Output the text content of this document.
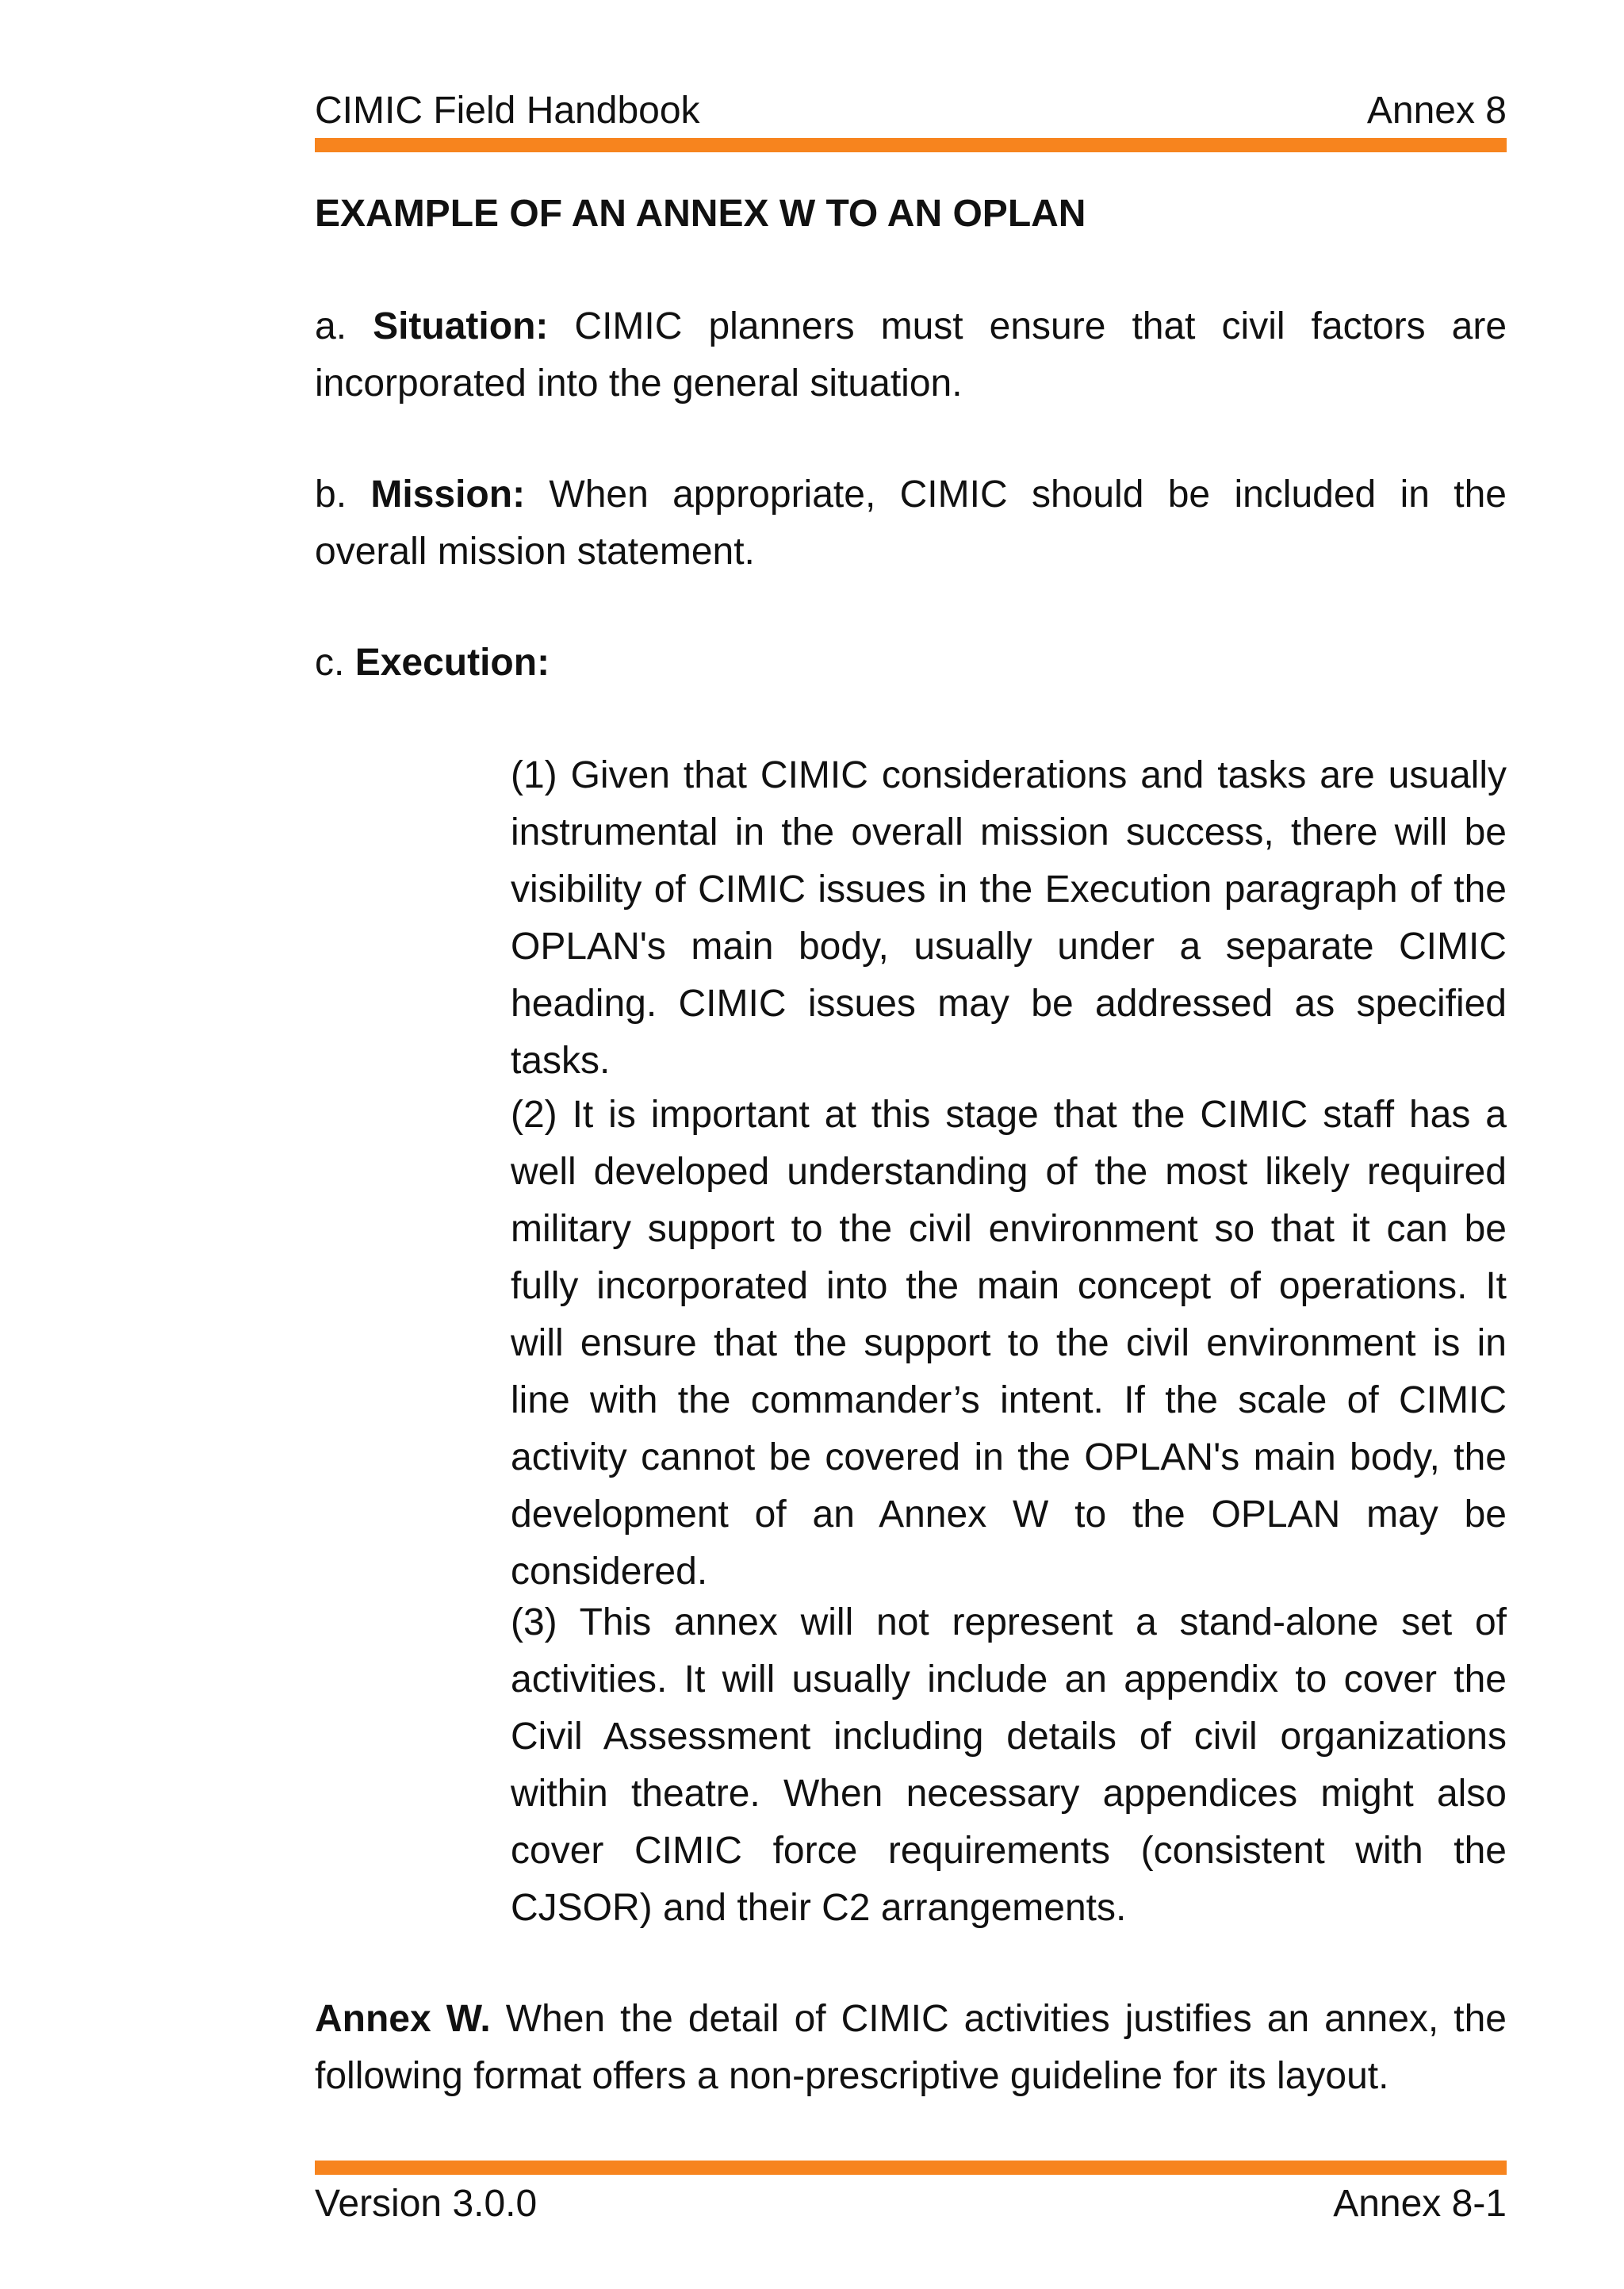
CIMIC Field Handbook	Annex 8
EXAMPLE OF AN ANNEX W TO AN OPLAN
a. Situation: CIMIC planners must ensure that civil factors are incorporated into the general situation.
b. Mission: When appropriate, CIMIC should be included in the overall mission statement.
c. Execution:
(1) Given that CIMIC considerations and tasks are usually instrumental in the overall mission success, there will be visibility of CIMIC issues in the Execution paragraph of the OPLAN's main body, usually under a separate CIMIC heading. CIMIC issues may be addressed as specified tasks.
(2) It is important at this stage that the CIMIC staff has a well developed understanding of the most likely required military support to the civil environment so that it can be fully incorporated into the main concept of operations. It will ensure that the support to the civil environment is in line with the commander’s intent. If the scale of CIMIC activity cannot be covered in the OPLAN's main body, the development of an Annex W to the OPLAN may be considered.
(3) This annex will not represent a stand-alone set of activities. It will usually include an appendix to cover the Civil Assessment including details of civil organizations within theatre. When necessary appendices might also cover CIMIC force requirements (consistent with the CJSOR) and their C2 arrangements.
Annex W. When the detail of CIMIC activities justifies an annex, the following format offers a non-prescriptive guideline for its layout.
Version 3.0.0	Annex 8-1
